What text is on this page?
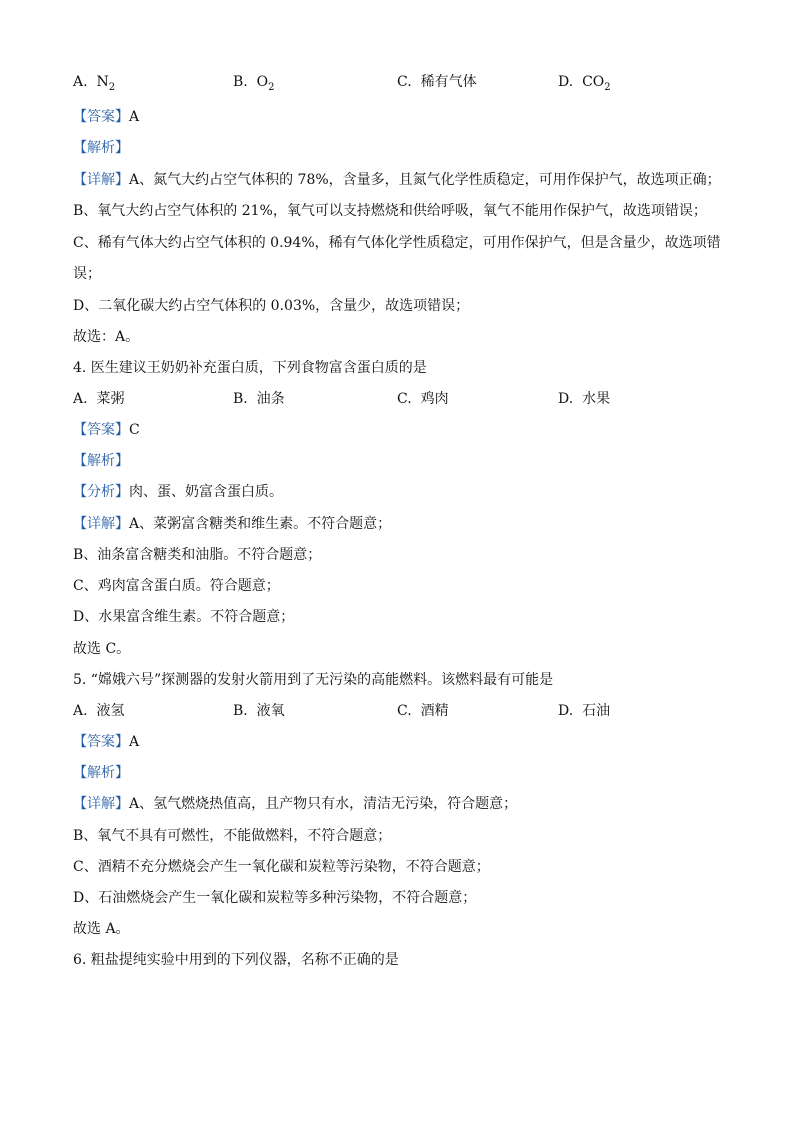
A. $N_2$	B. $O_2$	C. 稀有气体	D. $CO_2$
【答案】A
【解析】
【详解】A、氮气大约占空气体积的 78%，含量多，且氮气化学性质稳定，可用作保护气，故选项正确；
B、氧气大约占空气体积的 21%，氧气可以支持燃烧和供给呼吸，氧气不能用作保护气，故选项错误；
C、稀有气体大约占空气体积的 0.94%，稀有气体化学性质稳定，可用作保护气，但是含量少，故选项错
误；
D、二氧化碳大约占空气体积的 0.03%，含量少，故选项错误；
故选：A。
4. 医生建议王奶奶补充蛋白质，下列食物富含蛋白质的是
A. 菜粥	B. 油条	C. 鸡肉	D. 水果
【答案】C
【解析】
【分析】肉、蛋、奶富含蛋白质。
【详解】A、菜粥富含糖类和维生素。不符合题意；
B、油条富含糖类和油脂。不符合题意；
C、鸡肉富含蛋白质。符合题意；
D、水果富含维生素。不符合题意；
故选 C。
5. “嫦娥六号”探测器的发射火箭用到了无污染的高能燃料。该燃料最有可能是
A. 液氢	B. 液氧	C. 酒精	D. 石油
【答案】A
【解析】
【详解】A、氢气燃烧热值高，且产物只有水，清洁无污染，符合题意；
B、氧气不具有可燃性，不能做燃料，不符合题意；
C、酒精不充分燃烧会产生一氧化碳和炭粒等污染物，不符合题意；
D、石油燃烧会产生一氧化碳和炭粒等多种污染物，不符合题意；
故选 A。
6. 粗盐提纯实验中用到的下列仪器，名称不正确的是
